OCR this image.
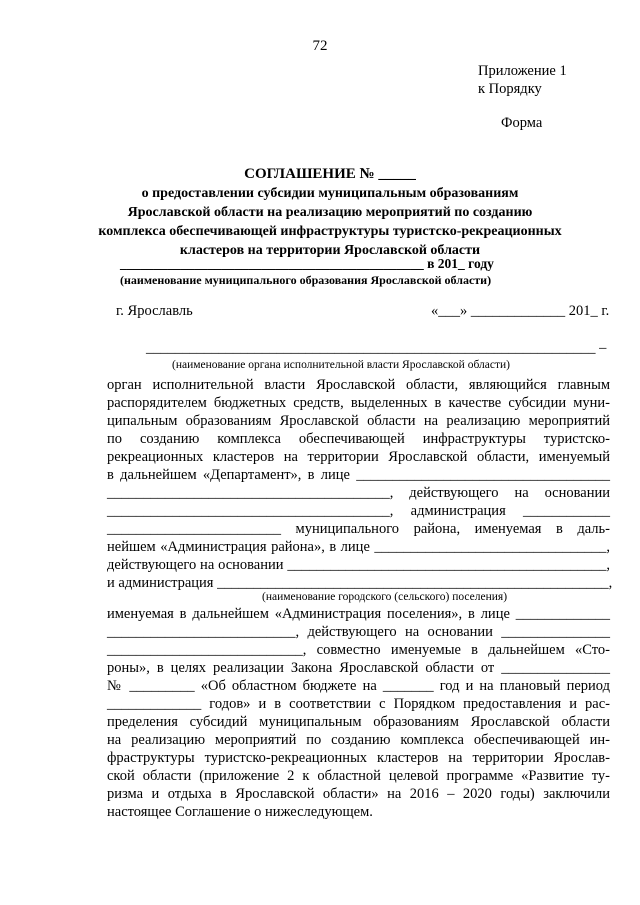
72
Приложение 1
к Порядку
Форма
СОГЛАШЕНИЕ № _____
о предоставлении субсидии муниципальным образованиям
Ярославской области на реализацию мероприятий по созданию
комплекса обеспечивающей инфраструктуры туристско-рекреационных
кластеров на территории Ярославской области
_____________________________________________ в 201_ году
(наименование муниципального образования Ярославской области)
г. Ярославль	«___» _____________ 201_ г.
______________________________________________________________ –
(наименование органа исполнительной власти Ярославской области)
орган исполнительной власти Ярославской области, являющийся главным
распорядителем бюджетных средств, выделенных в качестве субсидии муни-
ципальным образованиям Ярославской области на реализацию мероприятий
по созданию комплекса обеспечивающей инфраструктуры туристско-
рекреационных кластеров на территории Ярославской области, именуемый
в дальнейшем «Департамент», в лице ___________________________________
_______________________________________, действующего на основании
_______________________________________, администрация ____________
________________________ муниципального района, именуемая в даль-
нейшем «Администрация района», в лице ________________________________,
действующего на основании ____________________________________________,
и администрация ______________________________________________________,
(наименование городского (сельского) поселения)
именуемая в дальнейшем «Администрация поселения», в лице _____________
__________________________, действующего на основании _______________
___________________________, совместно именуемые в дальнейшем «Сто-
роны», в целях реализации Закона Ярославской области от _______________
№ _________ «Об областном бюджете на _______ год и на плановый период
_____________ годов» и в соответствии с Порядком предоставления и рас-
пределения субсидий муниципальным образованиям Ярославской области
на реализацию мероприятий по созданию комплекса обеспечивающей ин-
фраструктуры туристско-рекреационных кластеров на территории Ярослав-
ской области (приложение 2 к областной целевой программе «Развитие ту-
ризма и отдыха в Ярославской области» на 2016 – 2020 годы) заключили
настоящее Соглашение о нижеследующем.
